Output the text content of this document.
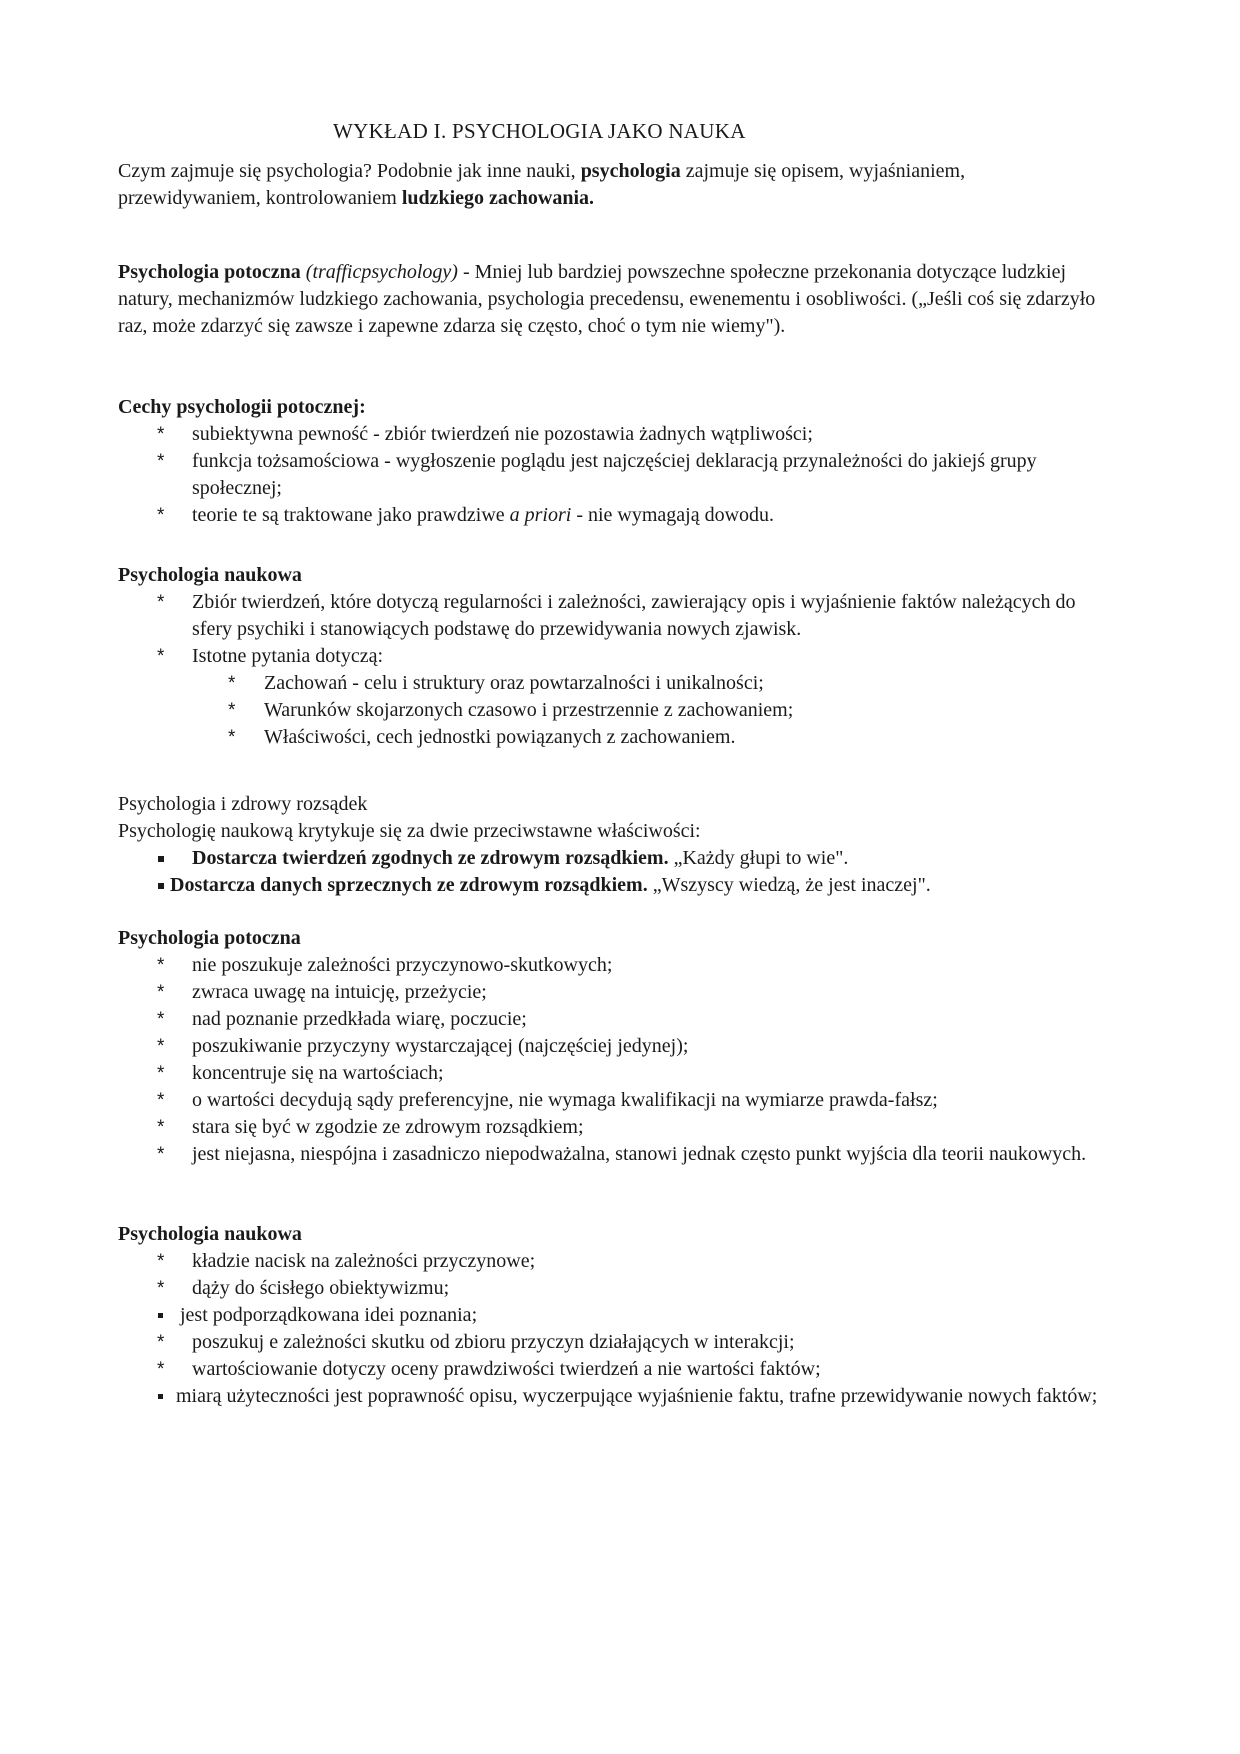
WYKŁAD I. PSYCHOLOGIA JAKO NAUKA

Czym zajmuje się psychologia? Podobnie jak inne nauki, psychologia zajmuje się opisem, wyjaśnianiem, przewidywaniem, kontrolowaniem ludzkiego zachowania.

Psychologia potoczna (trafficpsychology) - Mniej lub bardziej powszechne społeczne przekonania dotyczące ludzkiej natury, mechanizmów ludzkiego zachowania, psychologia precedensu, ewenementu i osobliwości. („Jeśli coś się zdarzyło raz, może zdarzyć się zawsze i zapewne zdarza się często, choć o tym nie wiemy").

Cechy psychologii potocznej:
* subiektywna pewność - zbiór twierdzeń nie pozostawia żadnych wątpliwości;
* funkcja tożsamościowa - wygłoszenie poglądu jest najczęściej deklaracją przynależności do jakiejś grupy społecznej;
* teorie te są traktowane jako prawdziwe a priori - nie wymagają dowodu.
Psychologia naukowa
* Zbiór twierdzeń, które dotyczą regularności i zależności, zawierający opis i wyjaśnienie faktów należących do sfery psychiki i stanowiących podstawę do przewidywania nowych zjawisk.
* Istotne pytania dotyczą:
* Zachowań - celu i struktury oraz powtarzalności i unikalności;
* Warunków skojarzonych czasowo i przestrzennie z zachowaniem;
* Właściwości, cech jednostki powiązanych z zachowaniem.
Psychologia i zdrowy rozsądek
Psychologię naukową krytykuje się za dwie przeciwstawne właściwości:
Dostarcza twierdzeń zgodnych ze zdrowym rozsądkiem. „Każdy głupi to wie".
Dostarcza danych sprzecznych ze zdrowym rozsądkiem. „Wszyscy wiedzą, że jest inaczej".
Psychologia potoczna
* nie poszukuje zależności przyczynowo-skutkowych;
* zwraca uwagę na intuicję, przeżycie;
* nad poznanie przedkłada wiarę, poczucie;
* poszukiwanie przyczyny wystarczającej (najczęściej jedynej);
* koncentruje się na wartościach;
* o wartości decydują sądy preferencyjne, nie wymaga kwalifikacji na wymiarze prawda-fałsz;
* stara się być w zgodzie ze zdrowym rozsądkiem;
* jest niejasna, niespójna i zasadniczo niepodważalna, stanowi jednak często punkt wyjścia dla teorii naukowych.
Psychologia naukowa
* kładzie nacisk na zależności przyczynowe;
* dąży do ścisłego obiektywizmu;
jest podporządkowana idei poznania;
* poszukuj e zależności skutku od zbioru przyczyn działających w interakcji;
* wartościowanie dotyczy oceny prawdziwości twierdzeń a nie wartości faktów;
miarą użyteczności jest poprawność opisu, wyczerpujące wyjaśnienie faktu, trafne przewidywanie nowych faktów;
